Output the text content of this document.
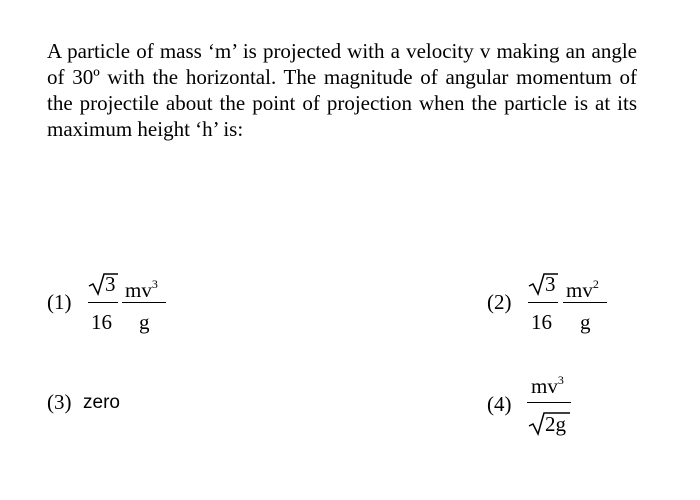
A particle of mass ‘m’ is projected with a velocity v making an angle of 30º with the horizontal. The magnitude of angular momentum of the projectile about the point of projection when the particle is at its maximum height ‘h’ is:
(1)
3
16
$mv^3$
g
(2)
3
16
$mv^2$
g
(3) zero	(4)
$mv^3$
2g
